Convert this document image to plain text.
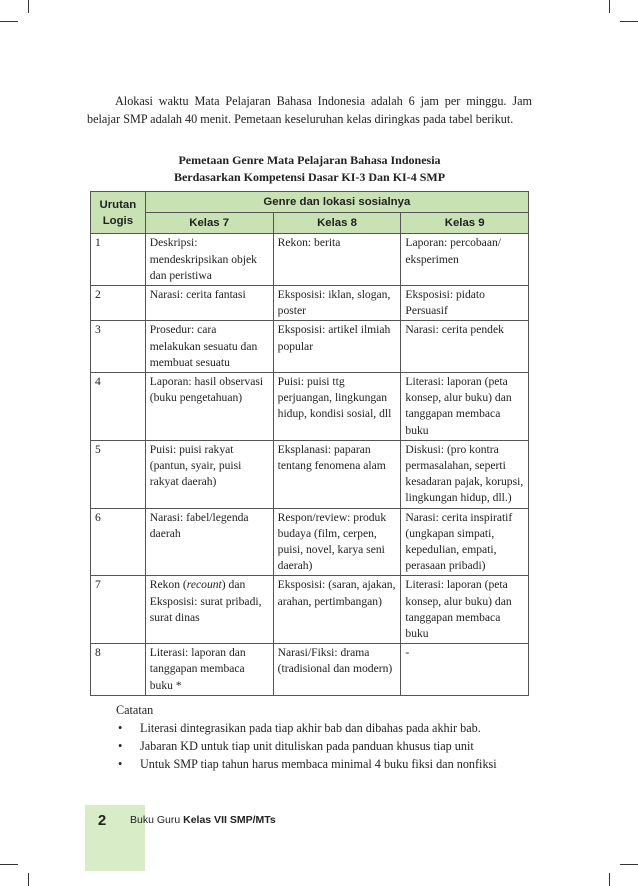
Alokasi waktu Mata Pelajaran Bahasa Indonesia adalah 6 jam per minggu. Jam belajar SMP adalah 40 menit. Pemetaan keseluruhan kelas diringkas pada tabel berikut.
Pemetaan Genre Mata Pelajaran Bahasa Indonesia
Berdasarkan Kompetensi Dasar KI-3 Dan KI-4 SMP
Urutan Logis	Genre dan lokasi sosialnya		
	Kelas 7	Kelas 8	Kelas 9
1	Deskripsi: mendeskripsikan objek dan peristiwa	Rekon: berita	Laporan: percobaan/ eksperimen
2	Narasi: cerita fantasi	Eksposisi: iklan, slogan, poster	Eksposisi: pidato Persuasif
3	Prosedur: cara melakukan sesuatu dan membuat sesuatu	Eksposisi: artikel ilmiah popular	Narasi: cerita pendek
4	Laporan: hasil observasi (buku pengetahuan)	Puisi: puisi ttg perjuangan, lingkungan hidup, kondisi sosial, dll	Literasi: laporan (peta konsep, alur buku) dan tanggapan membaca buku
5	Puisi: puisi rakyat (pantun, syair, puisi rakyat daerah)	Eksplanasi: paparan tentang fenomena alam	Diskusi: (pro kontra permasalahan, seperti kesadaran pajak, korupsi, lingkungan hidup, dll.)
6	Narasi: fabel/legenda daerah	Respon/review: produk budaya (film, cerpen, puisi, novel, karya seni daerah)	Narasi: cerita inspiratif (ungkapan simpati, kepedulian, empati, perasaan pribadi)
7	Rekon (recount) dan Eksposisi: surat pribadi, surat dinas	Eksposisi: (saran, ajakan, arahan, pertimbangan)	Literasi: laporan (peta konsep, alur buku) dan tanggapan membaca buku
8	Literasi: laporan dan tanggapan membaca buku *	Narasi/Fiksi: drama (tradisional dan modern)	-
Catatan
• Literasi dintegrasikan pada tiap akhir bab dan dibahas pada akhir bab.
• Jabaran KD untuk tiap unit dituliskan pada panduan khusus tiap unit
• Untuk SMP tiap tahun harus membaca minimal 4 buku fiksi dan nonfiksi
2	Buku Guru Kelas VII SMP/MTs
